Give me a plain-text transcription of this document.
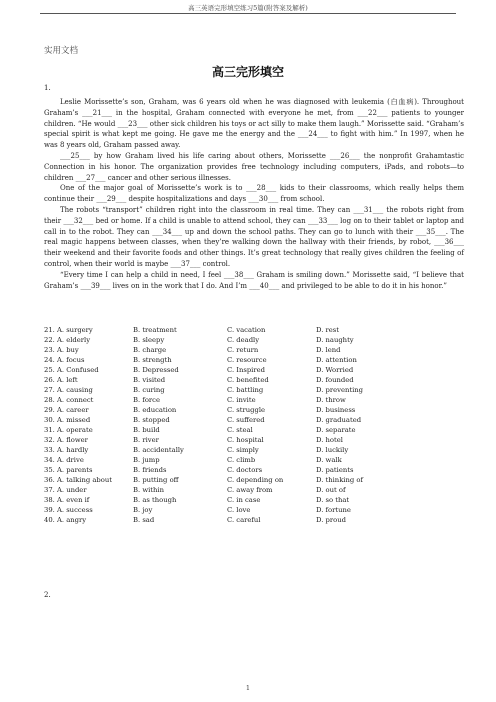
高三英语完形填空练习5篇(附答案及解析)
实用文档
高三完形填空
1.

Leslie Morissette’s son, Graham, was 6 years old when he was diagnosed with leukemia (白血病). Throughout Graham’s ___21___ in the hospital, Graham connected with everyone he met, from ___22___ patients to younger children. “He would ___23___ other sick children his toys or act silly to make them laugh.” Morissette said. “Graham’s special spirit is what kept me going. He gave me the energy and the ___24___ to fight with him.” In 1997, when he was 8 years old, Graham passed away.

___25___ by how Graham lived his life caring about others, Morissette ___26___ the nonprofit Grahamtastic Connection in his honor. The organization provides free technology including computers, iPads, and robots—to children ___27___ cancer and other serious illnesses.

One of the major goal of Morissette’s work is to ___28___ kids to their classrooms, which really helps them continue their ___29___ despite hospitalizations and days ___30___ from school.

The robots “transport” children right into the classroom in real time. They can ___31___ the robots right from their ___32___ bed or home. If a child is unable to attend school, they can ___33___ log on to their tablet or laptop and call in to the robot. They can ___34___ up and down the school paths. They can go to lunch with their ___35___. The real magic happens between classes, when they’re walking down the hallway with their friends, by robot, ___36___ their weekend and their favorite foods and other things. It’s great technology that really gives children the feeling of control, when their world is maybe ___37___ control.

“Every time I can help a child in need, I feel ___38___ Graham is smiling down.” Morissette said, “I believe that Graham’s ___39___ lives on in the work that I do. And I’m ___40___ and privileged to be able to do it in his honor.”

21. A. surgery	B. treatment	C. vacation	D. rest
22. A. elderly	B. sleepy	C. deadly	D. naughty
23. A. buy	B. charge	C. return	D. lend
24. A. focus	B. strength	C. resource	D. attention
25. A. Confused	B. Depressed	C. Inspired	D. Worried
26. A. left	B. visited	C. benefited	D. founded
27. A. causing	B. curing	C. battling	D. preventing
28. A. connect	B. force	C. invite	D. throw
29. A. career	B. education	C. struggle	D. business
30. A. missed	B. stopped	C. suffered	D. graduated
31. A. operate	B. build	C. steal	D. separate
32. A. flower	B. river	C. hospital	D. hotel
33. A. hardly	B. accidentally	C. simply	D. luckily
34. A. drive	B. jump	C. climb	D. walk
35. A. parents	B. friends	C. doctors	D. patients
36. A. talking about	B. putting off	C. depending on	D. thinking of
37. A. under	B. within	C. away from	D. out of
38. A. even if	B. as though	C. in case	D. so that
39. A. success	B. joy	C. love	D. fortune
40. A. angry	B. sad	C. careful	D. proud
2.
1
